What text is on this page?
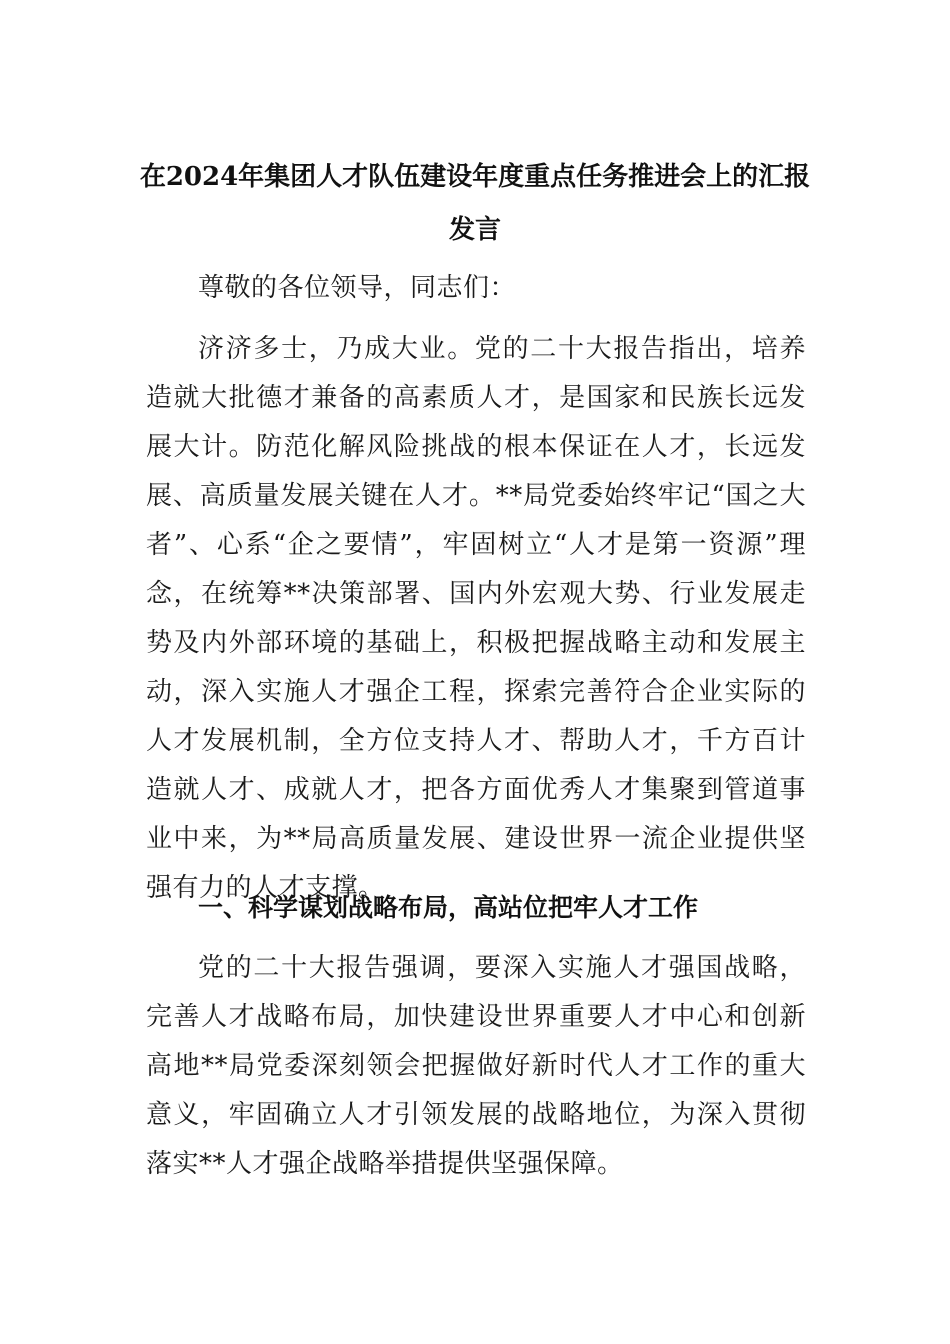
在2024年集团人才队伍建设年度重点任务推进会上的汇报
发言

尊敬的各位领导，同志们：

济济多士，乃成大业。党的二十大报告指出，培养造就大批德才兼备的高素质人才，是国家和民族长远发展大计。防范化解风险挑战的根本保证在人才，长远发展、高质量发展关键在人才。**局党委始终牢记“国之大者”、心系“企之要情”，牢固树立“人才是第一资源”理念，在统筹**决策部署、国内外宏观大势、行业发展走势及内外部环境的基础上，积极把握战略主动和发展主动，深入实施人才强企工程，探索完善符合企业实际的人才发展机制，全方位支持人才、帮助人才，千方百计造就人才、成就人才，把各方面优秀人才集聚到管道事业中来，为**局高质量发展、建设世界一流企业提供坚强有力的人才支撑。

一、科学谋划战略布局，高站位把牢人才工作

党的二十大报告强调，要深入实施人才强国战略，完善人才战略布局，加快建设世界重要人才中心和创新高地**局党委深刻领会把握做好新时代人才工作的重大意义，牢固确立人才引领发展的战略地位，为深入贯彻落实**人才强企战略举措提供坚强保障。
